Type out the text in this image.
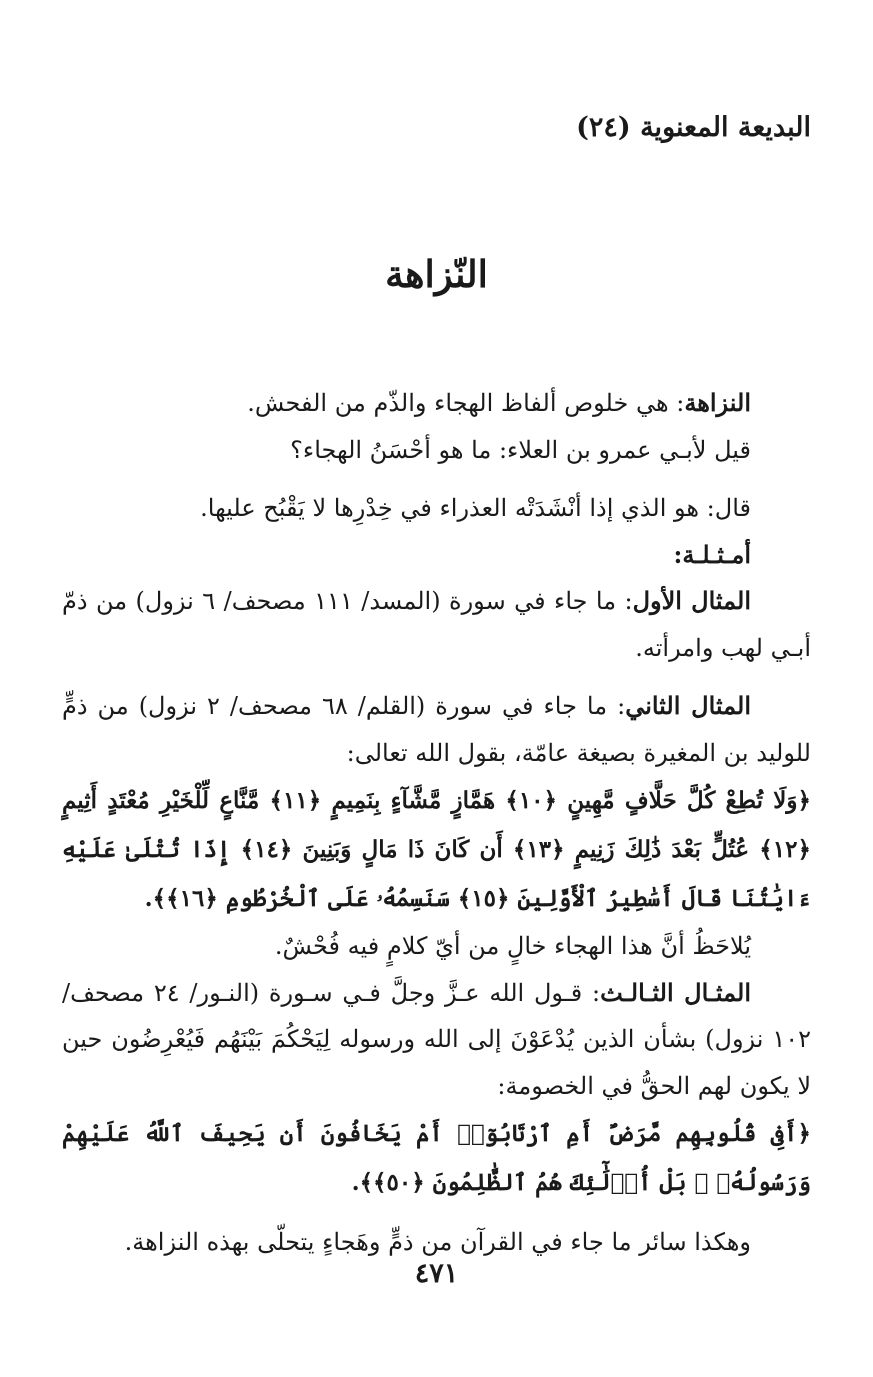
البديعة المعنوية (٢٤)
النّزاهة

النزاهة: هي خلوص ألفاظ الهجاء والذّم من الفحش.

قيل لأبـي عمرو بن العلاء: ما هو أحْسَنُ الهجاء؟

قال: هو الذي إذا أنْشَدَتْه العذراء في خِدْرِها لا يَقْبُح عليها.

أمـثـلـة:

المثال الأول: ما جاء في سورة (المسد/ ١١١ مصحف/ ٦ نزول) من ذمّ أبـي لهب وامرأته.

المثال الثاني: ما جاء في سورة (القلم/ ٦٨ مصحف/ ٢ نزول) من ذمٍّ للوليد بن المغيرة بصيغة عامّة، بقول الله تعالى:

﴿وَلَا تُطِعْ كُلَّ حَلَّافٍ مَّهِينٍ ﴿١٠﴾ هَمَّازٍ مَّشَّآءٍ بِنَمِيمٍ ﴿١١﴾ مَّنَّاعٍ لِّلْخَيْرِ مُعْتَدٍ أَثِيمٍ ﴿١٢﴾ عُتُلٍّ بَعْدَ ذَٰلِكَ زَنِيمٍ ﴿١٣﴾ أَن كَانَ ذَا مَالٍ وَبَنِينَ ﴿١٤﴾ إِذَا تُتْلَىٰ عَلَيْهِ ءَايَٰتُنَا قَالَ أَسَٰطِيرُ ٱلْأَوَّلِينَ ﴿١٥﴾ سَنَسِمُهُۥ عَلَى ٱلْخُرْطُومِ ﴿١٦﴾﴾.

يُلاحَظُ أنَّ هذا الهجاء خالٍ من أيّ كلامٍ فيه فُحْشٌ.

المثـال الثـالـث: قـول الله عـزَّ وجلَّ فـي سـورة (النـور/ ٢٤ مصحف/ ١٠٢ نزول) بشأن الذين يُدْعَوْنَ إلى الله ورسوله لِيَحْكُمَ بَيْنَهُم فَيُعْرِضُون حين لا يكون لهم الحقُّ في الخصومة:

﴿أَفِى قُلُوبِهِم مَّرَضٌ أَمِ ٱرْتَابُوٓا۟ أَمْ يَخَافُونَ أَن يَحِيفَ ٱللَّهُ عَلَيْهِمْ وَرَسُولُهُۥ ۚ بَلْ أُو۟لَٰٓئِكَ هُمُ ٱلظَّٰلِمُونَ ﴿٥٠﴾﴾.

وهكذا سائر ما جاء في القرآن من ذمٍّ وهَجاءٍ يتحلّى بهذه النزاهة.

٤٧١
